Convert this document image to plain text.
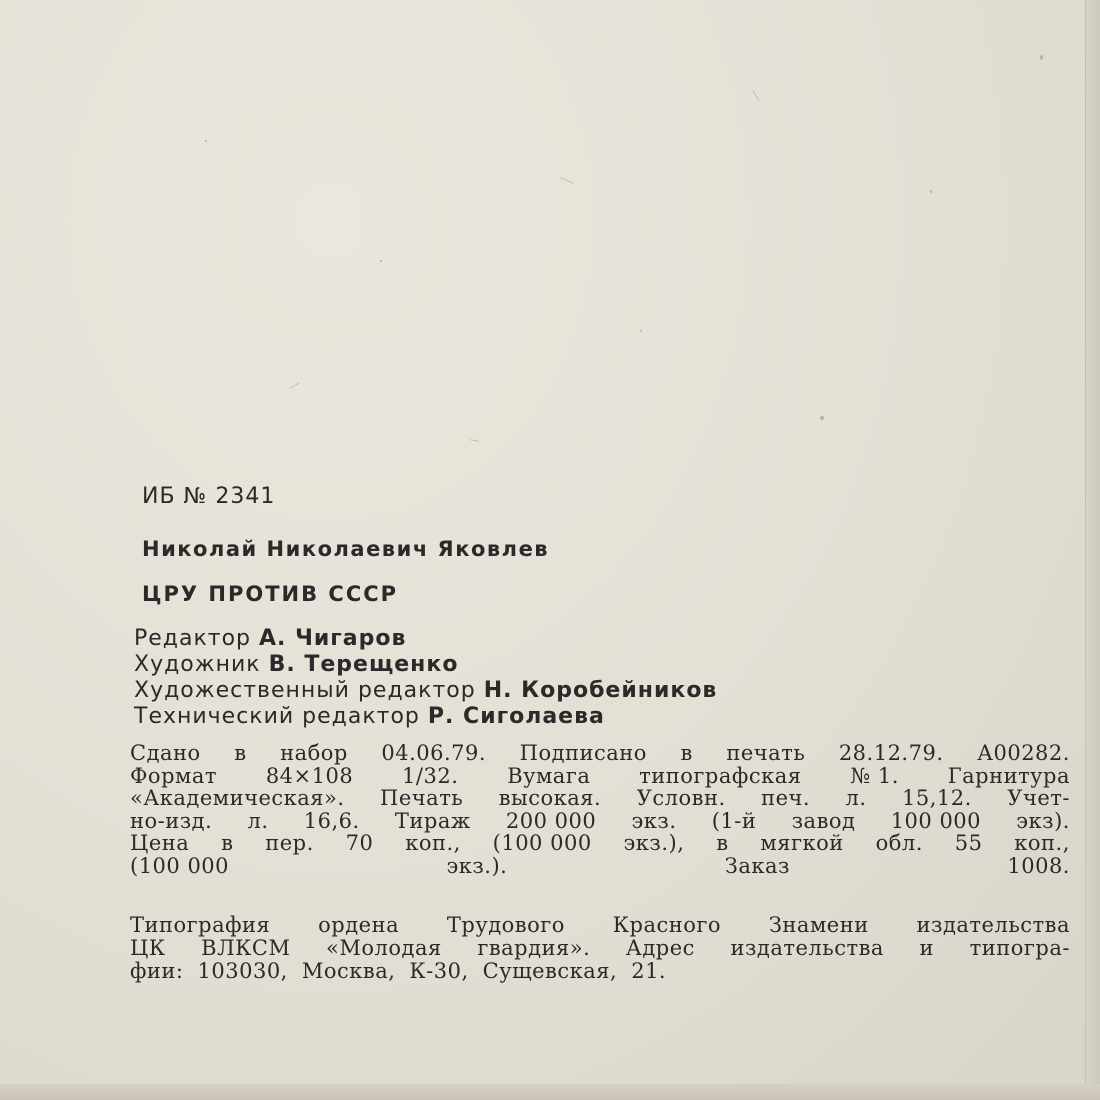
ИБ № 2341
Николай Николаевич Яковлев
ЦРУ ПРОТИВ СССР
Редактор А. Чигаров
Художник В. Терещенко
Художественный редактор Н. Коробейников
Технический редактор Р. Сиголаева
Сдано в набор 04.06.79. Подписано в печать 28.12.79. А00282.
Формат 84×108 1/32. Вумага типографская № 1. Гарнитура
«Академическая». Печать высокая. Условн. печ. л. 15,12. Учет-
но-изд. л. 16,6. Тираж 200 000 экз. (1-й завод 100 000 экз).
Цена в пер. 70 коп., (100 000 экз.), в мягкой обл. 55 коп.,
(100 000	экз.).	Заказ	1008.
Типография ордена Трудового Красного Знамени издательства
ЦК ВЛКСМ «Молодая гвардия». Адрес издательства и типогра-
фии: 103030, Москва, К-30, Сущевская, 21.
